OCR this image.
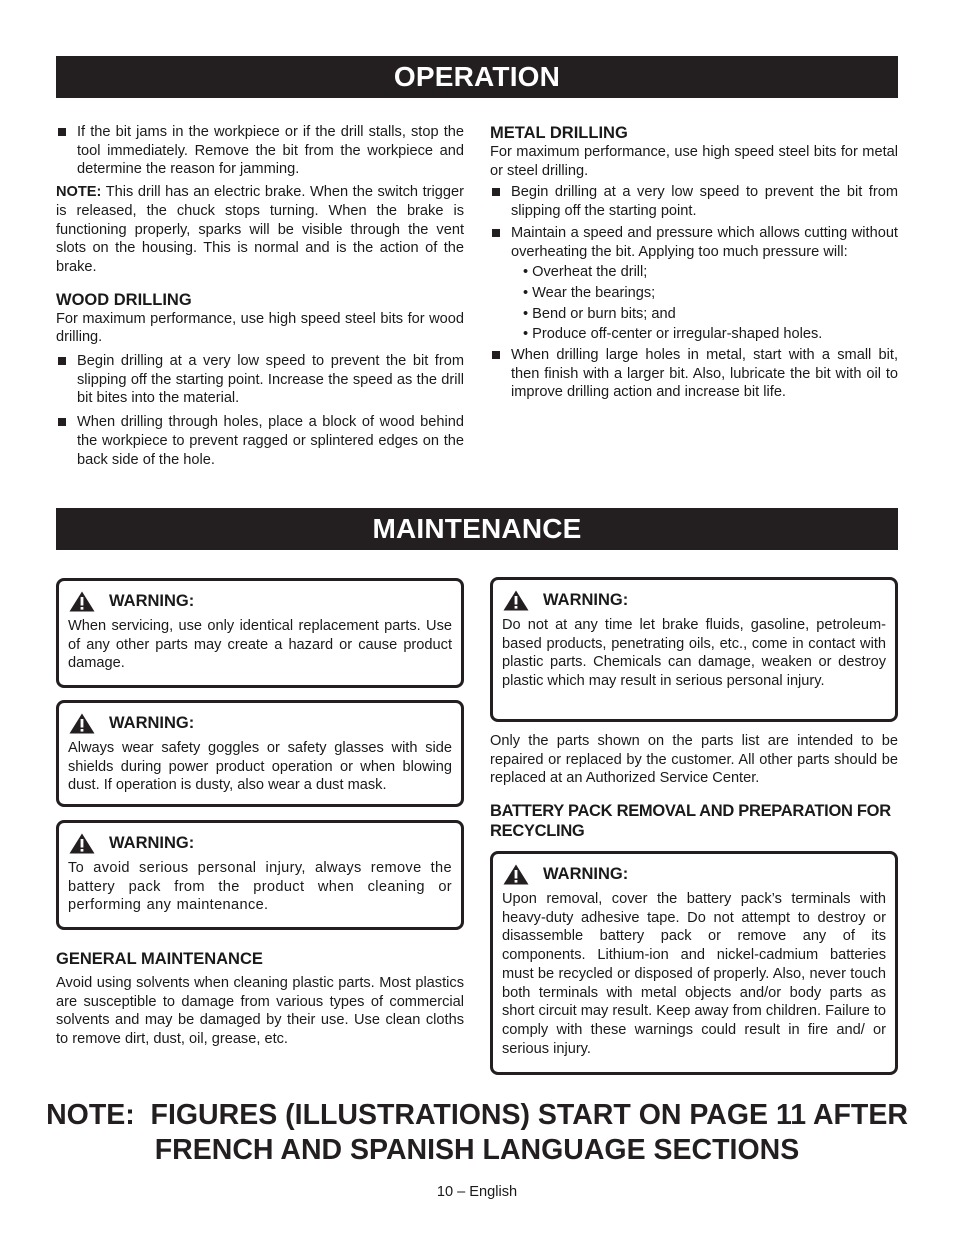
OPERATION
If the bit jams in the workpiece or if the drill stalls, stop the tool immediately. Remove the bit from the workpiece and determine the reason for jamming.

NOTE: This drill has an electric brake. When the switch trigger is released, the chuck stops turning. When the brake is functioning properly, sparks will be visible through the vent slots on the housing. This is normal and is the action of the brake.

WOOD DRILLING

For maximum performance, use high speed steel bits for wood drilling.

Begin drilling at a very low speed to prevent the bit from slipping off the starting point. Increase the speed as the drill bit bites into the material.
When drilling through holes, place a block of wood behind the workpiece to prevent ragged or splintered edges on the back side of the hole.
METAL DRILLING

For maximum performance, use high speed steel bits for metal or steel drilling.

Begin drilling at a very low speed to prevent the bit from slipping off the starting point.
Maintain a speed and pressure which allows cutting without overheating the bit. Applying too much pressure will:
• Overheat the drill;
• Wear the bearings;
• Bend or burn bits; and
• Produce off-center or irregular-shaped holes.
When drilling large holes in metal, start with a small bit, then finish with a larger bit. Also, lubricate the bit with oil to improve drilling action and increase bit life.
MAINTENANCE
WARNING:

When servicing, use only identical replacement parts. Use of any other parts may create a hazard or cause product damage.

WARNING:

Always wear safety goggles or safety glasses with side shields during power product operation or when blowing dust. If operation is dusty, also wear a dust mask.

WARNING:

To avoid serious personal injury, always remove the battery pack from the product when cleaning or performing any maintenance.

GENERAL MAINTENANCE

Avoid using solvents when cleaning plastic parts. Most plastics are susceptible to damage from various types of commercial solvents and may be damaged by their use. Use clean cloths to remove dirt, dust, oil, grease, etc.

WARNING:

Do not at any time let brake fluids, gasoline, petroleum-based products, penetrating oils, etc., come in contact with plastic parts. Chemicals can damage, weaken or destroy plastic which may result in serious personal injury.

Only the parts shown on the parts list are intended to be repaired or replaced by the customer. All other parts should be replaced at an Authorized Service Center.

BATTERY PACK REMOVAL AND PREPARATION FOR RECYCLING
WARNING:

Upon removal, cover the battery pack’s terminals with heavy-duty adhesive tape. Do not attempt to destroy or disassemble battery pack or remove any of its components. Lithium-ion and nickel-cadmium batteries must be recycled or disposed of properly. Also, never touch both terminals with metal objects and/or body parts as short circuit may result. Keep away from children. Failure to comply with these warnings could result in fire and/ or serious injury.

NOTE:  FIGURES (ILLUSTRATIONS) START ON PAGE 11 AFTER
FRENCH AND SPANISH LANGUAGE SECTIONS
10 – English
